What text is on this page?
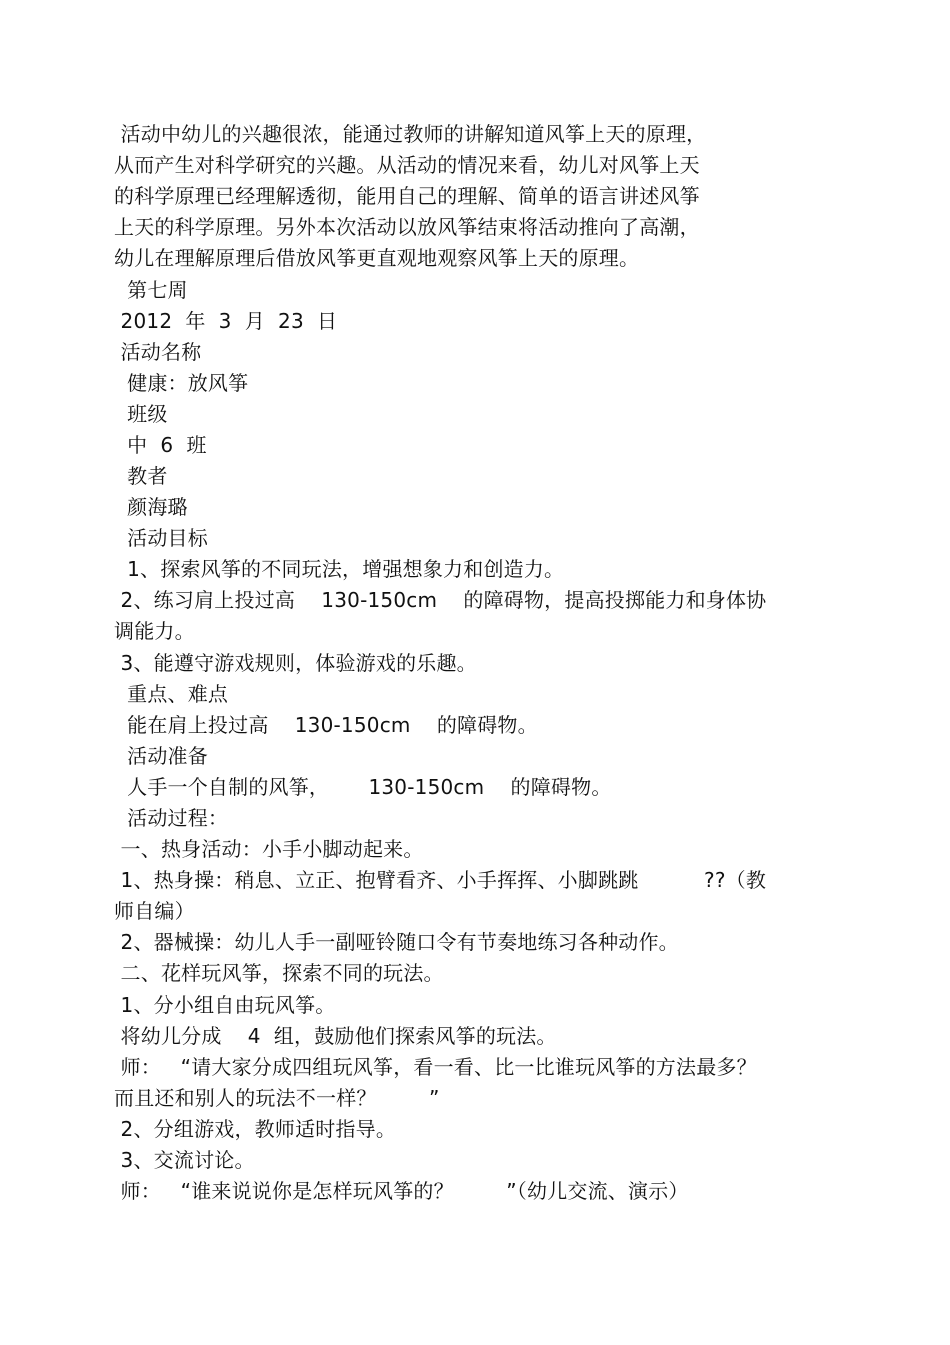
活动中幼儿的兴趣很浓，能通过教师的讲解知道风筝上天的原理，
从而产生对科学研究的兴趣。从活动的情况来看，幼儿对风筝上天
的科学原理已经理解透彻，能用自己的理解、简单的语言讲述风筝
上天的科学原理。另外本次活动以放风筝结束将活动推向了高潮，
幼儿在理解原理后借放风筝更直观地观察风筝上天的原理。
第七周
2012  年  3  月  23  日
活动名称
健康：放风筝
班级
中  6  班
教者
颜海璐
活动目标
1、探索风筝的不同玩法，增强想象力和创造力。
2、练习肩上投过高    130-150cm    的障碍物，提高投掷能力和身体协
调能力。
3、能遵守游戏规则，体验游戏的乐趣。
重点、难点
能在肩上投过高    130-150cm    的障碍物。
活动准备
人手一个自制的风筝，      130-150cm    的障碍物。
活动过程：
一、热身活动：小手小脚动起来。
1、热身操：稍息、立正、抱臂看齐、小手挥挥、小脚跳跳          ??（教
师自编）
2、器械操：幼儿人手一副哑铃随口令有节奏地练习各种动作。
二、花样玩风筝，探索不同的玩法。
1、分小组自由玩风筝。
将幼儿分成    4  组，鼓励他们探索风筝的玩法。
师：   “请大家分成四组玩风筝，看一看、比一比谁玩风筝的方法最多？
而且还和别人的玩法不一样？        ”
2、分组游戏，教师适时指导。
3、交流讨论。
师：   “谁来说说你是怎样玩风筝的？        ”（幼儿交流、演示）
